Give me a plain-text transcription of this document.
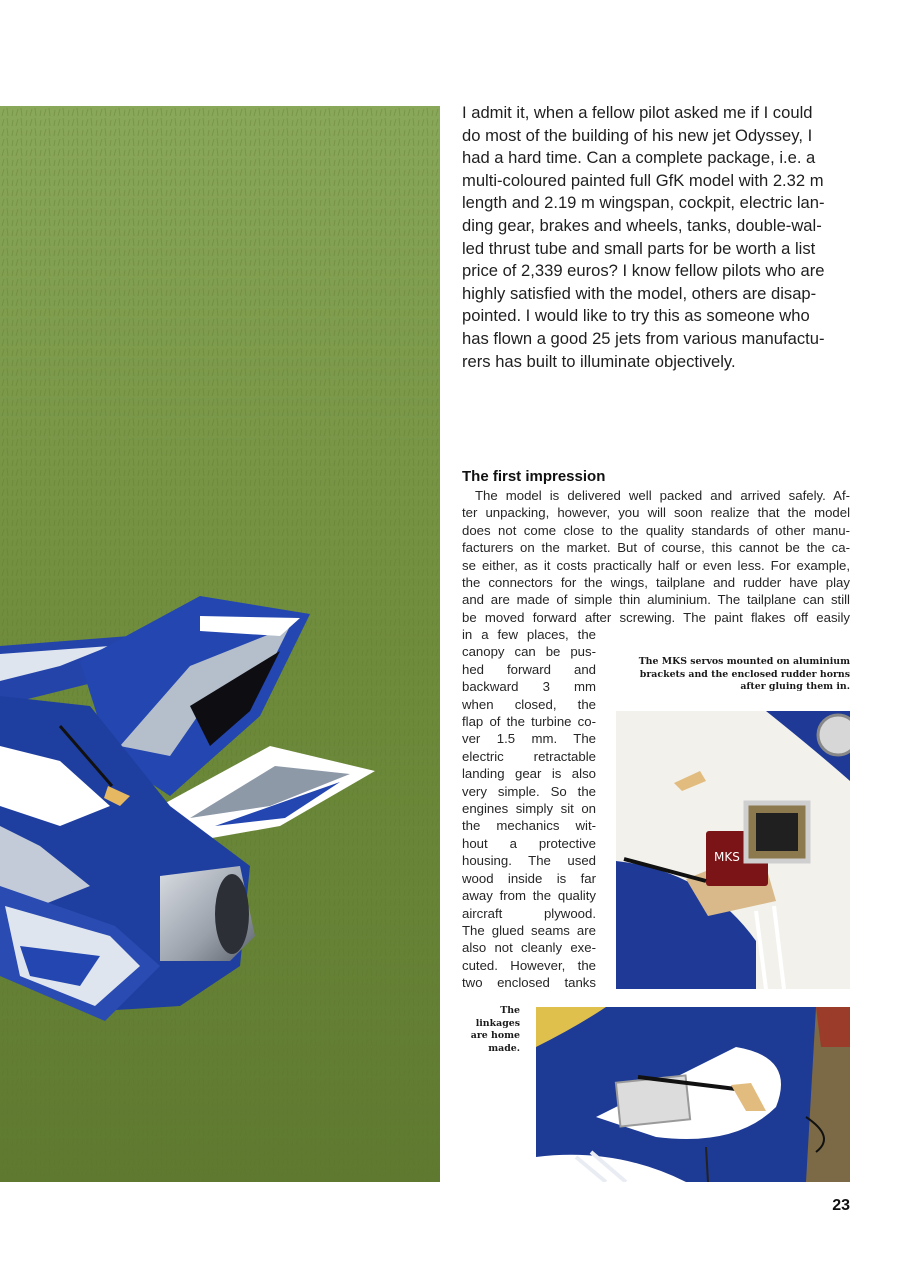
I admit it, when a fellow pilot asked me if I could
do most of the building of his new jet Odyssey, I
had a hard time. Can a complete package, i.e. a
multi-coloured painted full GfK model with 2.32 m
length and 2.19 m wingspan, cockpit, electric lan-
ding gear, brakes and wheels, tanks, double-wal-
led thrust tube and small parts for be worth a list
price of 2,339 euros? I know fellow pilots who are
highly satisfied with the model, others are disap-
pointed. I would like to try this as someone who
has flown a good 25 jets from various manufactu-
rers has built to illuminate objectively.

The first impression

The model is delivered well packed and arrived safely. Af-
ter unpacking, however, you will soon realize that the model
does not come close to the quality standards of other manu-
facturers on the market. But of course, this cannot be the ca-
se either, as it costs practically half or even less. For example,
the connectors for the wings, tailplane and rudder have play
and are made of simple thin aluminium. The tailplane can still
be moved forward after screwing. The paint flakes off easily

in a few places, the
canopy can be pus-
hed forward and
backward 3 mm
when closed, the
flap of the turbine co-
ver 1.5 mm. The
electric retractable
landing gear is also
very simple. So the
engines simply sit on
the mechanics wit-
hout a protective
housing. The used
wood inside is far
away from the quality
aircraft plywood.
The glued seams are
also not cleanly exe-
cuted. However, the
two enclosed tanks

The MKS servos mounted on aluminium
brackets and the enclosed rudder horns
after gluing them in.

MKS

The
linkages
are home
made.

23
